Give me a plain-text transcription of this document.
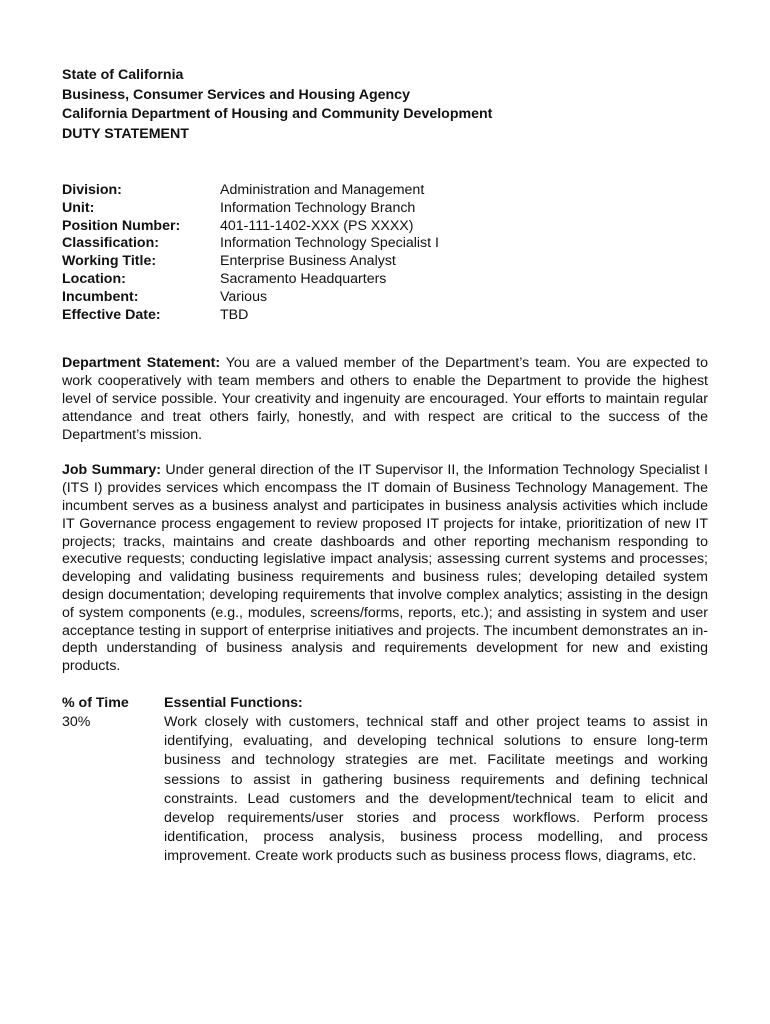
State of California
Business, Consumer Services and Housing Agency
California Department of Housing and Community Development
DUTY STATEMENT
Division:	Administration and Management
Unit:	Information Technology Branch
Position Number:	401-111-1402-XXX (PS XXXX)
Classification:	Information Technology Specialist I
Working Title:	Enterprise Business Analyst
Location:	Sacramento Headquarters
Incumbent:	Various
Effective Date:	TBD

Department Statement: You are a valued member of the Department’s team. You are expected to work cooperatively with team members and others to enable the Department to provide the highest level of service possible. Your creativity and ingenuity are encouraged. Your efforts to maintain regular attendance and treat others fairly, honestly, and with respect are critical to the success of the Department’s mission.

Job Summary: Under general direction of the IT Supervisor II, the Information Technology Specialist I (ITS I) provides services which encompass the IT domain of Business Technology Management. The incumbent serves as a business analyst and participates in business analysis activities which include IT Governance process engagement to review proposed IT projects for intake, prioritization of new IT projects; tracks, maintains and create dashboards and other reporting mechanism responding to executive requests; conducting legislative impact analysis; assessing current systems and processes; developing and validating business requirements and business rules; developing detailed system design documentation; developing requirements that involve complex analytics; assisting in the design of system components (e.g., modules, screens/forms, reports, etc.); and assisting in system and user acceptance testing in support of enterprise initiatives and projects. The incumbent demonstrates an in-depth understanding of business analysis and requirements development for new and existing products.

% of Time	Essential Functions:
30%	Work closely with customers, technical staff and other project teams to assist in identifying, evaluating, and developing technical solutions to ensure long-term business and technology strategies are met. Facilitate meetings and working sessions to assist in gathering business requirements and defining technical constraints. Lead customers and the development/technical team to elicit and develop requirements/user stories and process workflows. Perform process identification, process analysis, business process modelling, and process improvement. Create work products such as business process flows, diagrams, etc.
